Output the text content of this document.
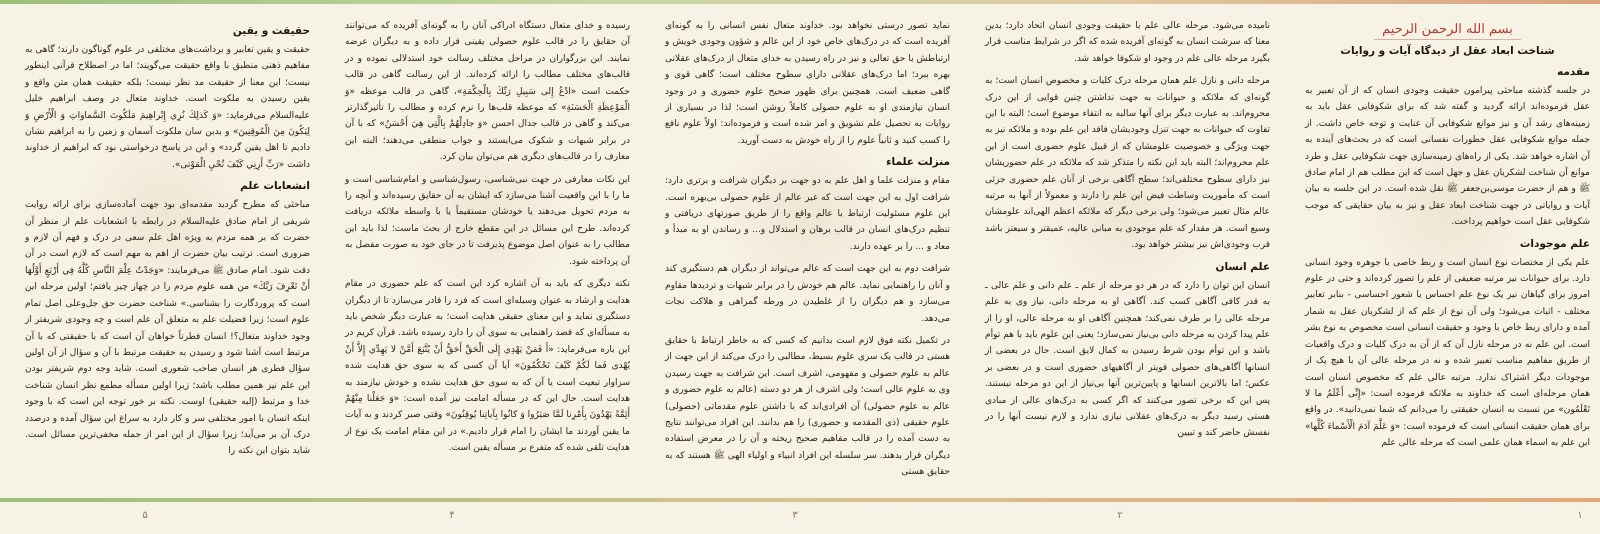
بسم الله الرحمن الرحیم
شناخت ابعاد عقل از دیدگاه آیات و روایات
مقدمه

در جلسه گذشته مباحثی پیرامون حقیقت وجودی انسان که از آن تعبیر به عقل فرموده‌اند ارائه گردید و گفته شد که برای شکوفایی عقل باید به زمینه‌های رشد آن و نیز موانع شکوفایی آن عنایت و توجه خاص داشت. از جمله موانع شکوفایی عقل خطورات نفسانی است که در بحث‌های آینده به آن اشاره خواهد شد. یکی از راه‌های زمینه‌سازی جهت شکوفایی عقل و طرد موانع آن شناخت لشکریان عقل و جهل است که این مطلب هم از امام صادق ﷺ و هم از حضرت موسی‌بن‌جعفر ﷺ نقل شده است. در این جلسه به بیان آیات و روایاتی در جهت شناخت ابعاد عقل و نیز به بیان حقایقی که موجب شکوفایی عقل است خواهیم پرداخت.

علم موجودات

علم یکی از مختصات نوع انسان است و ربط خاصی با جوهره وجود انسانی دارد. برای حیوانات نیز مرتبه ضعیفی از علم را تصور کرده‌اند و حتی در علوم امروز برای گیاهان نیز یک نوع علم احساس یا شعور احساسی - بنابر تعابیر مختلف - اثبات می‌شود؛ ولی آن نوع از علم که از لشکریان عقل به شمار آمده و دارای ربط خاص با وجود و حقیقت انسانی است مخصوص به نوع بشر است. این علم نه در مرحله نازل آن که از آن به درک کلیات و درک واقعیات از طریق مفاهیم مناسب تعبیر شده و نه در مرحله عالی آن با هیچ یک از موجودات دیگر اشتراک ندارد. مرتبه عالی علم که مخصوص انسان است همان مرحله‌ای است که خداوند به ملائکه فرموده است: «إِنِّی أَعْلَمُ ما لا تَعْلَمُون» من نسبت به انسان حقیقتی را می‌دانم که شما نمی‌دانید». در واقع برای همان حقیقت انسانی است که فرموده است: «وَ عَلَّمَ آدَمَ الْأَسْماءَ كُلَّها» این علم به اسماء همان علمی است که مرحله عالی علم

نامیده می‌شود. مرحله عالی علم با حقیقت وجودی انسان اتحاد دارد؛ بدین معنا که سرشت انسان به گونه‌ای آفریده شده که اگر در شرایط مناسب قرار بگیرد مرحله عالی علم در وجود او شکوفا خواهد شد.

مرحله دانی و نازل علم همان مرحله درک کلیات و مخصوص انسان است؛ به گونه‌ای که ملائکه و حیوانات به جهت نداشتن چنین قوایی از این درک محروم‌اند. به عبارت دیگر برای آنها سالبه به انتفاء موضوع است؛ البته با این تفاوت که حیوانات به جهت تنزل وجودیشان فاقد این علم بوده و ملائکه نیز به جهت ویژگی و خصوصیت علومشان که از قبیل علوم حضوری است از این علم محروم‌اند؛ البته باید این نکته را متذکر شد که ملائکه در علم حضوریشان نیز دارای سطوح مختلفی‌اند؛ سطح آگاهی برخی از آنان علم حضوری جزئی است که مأموریت وساطت فیض این علم را دارند و معمولاً از آنها به مرتبه عالم مثال تعبیر می‌شود؛ ولی برخی دیگر که ملائکه اعظم الهی‌اند علومشان وسیع است. هر مقدار که علم موجودی به مبانی عالیه، عمیقتر و سیعتر باشد قرب وجودی‌اش نیز بیشتر خواهد بود.

علم انسان

انسان این توان را دارد که در هر دو مرحله از علم ـ علم دانی و علم عالی ـ به قدر کافی آگاهی کسب کند. آگاهی او به مرحله دانی، نیاز وی به علم مرحله عالی را بر طرف نمی‌کند؛ همچنین آگاهی او به مرحله عالی، او را از علم پیدا کردن به مرحله دانی بی‌نیاز نمی‌سازد؛ یعنی این علوم باید با هم توأم باشد و این توأم بودن شرط رسیدن به کمال لایق است. حال در بعضی از انسانها آگاهی‌های حصولی قویتر از آگاهیهای حضوری است و در بعضی بر عکس؛ اما بالاترین انسانها و پایین‌ترین آنها بی‌نیاز از این دو مرحله نیستند. پس این که برخی تصور می‌کنند که اگر کسی به درک‌های عالی از مبادی هستی رسید دیگر به درک‌های عقلانی نیازی ندارد و لازم نیست آنها را در نفسش حاضر کند و تبیین

نماید تصور درستی نخواهد بود. خداوند متعال نفس انسانی را به گونه‌ای آفریده است که در درک‌های خاص خود از این عالم و شؤون وجودی خویش و ارتباطش با حق تعالی و نیز در راه رسیدن به خدای متعال از درک‌های عقلانی بهره ببرد؛ اما درک‌های عقلانی دارای سطوح مختلف است؛ گاهی قوی و گاهی ضعیف است. همچنین برای ظهور صحیح علوم حضوری و در وجود انسان نیازمندی او به علوم حصولی کاملاً روشن است؛ لذا در بسیاری از روایات به تحصیل علم تشویق و امر شده است و فرموده‌اند: اولاً علوم نافع را کسب کنید و ثانیاً علوم را از راه خودش به دست آورید.

منزلت علماء

مقام و منزلت علما و اهل علم به دو جهت بر دیگران شرافت و برتری دارد: شرافت اول به این جهت است که غیر عالم از علوم حصولی بی‌بهره است. این علوم مسئولیت ارتباط با عالم واقع را از طریق صورتهای دریافتی و تنظیم درک‌های انسان در قالب برهان و استدلال و... و رساندن او به مبدأ و معاد و ... را بر عهده دارند.

شرافت دوم به این جهت است که عالم می‌تواند از دیگران هم دستگیری کند و آنان را راهنمایی نماید. عالم هم خودش را در برابر شبهات و تردیدها مقاوم می‌سازد و هم دیگران را از غلطیدن در ورطه گمراهی و هلاکت نجات می‌دهد.

در تکمیل نکته فوق لازم است بدانیم که کسی که به خاطر ارتباط با حقایق هستی در قالب یک سری علوم بسیط، مطالبی را درک می‌کند از این جهت از عالم به علوم حصولی و مفهومی، اشرف است. این شرافت به جهت رسیدن وی به علوم عالی است؛ ولی اشرف از هر دو دسته (عالم به علوم حضوری و عالم به علوم حصولی) آن افرادی‌اند که با داشتن علوم مقدماتی (حصولی) علوم حقیقی (ذی المقدمه و حضوری) را هم بدانند. این افراد می‌توانند نتایج به دست آمده را در قالب مفاهیم صحیح ریخته و آن را در معرض استفاده دیگران قرار بدهند. سر سلسله این افراد انبیاء و اولیاء الهی ﷺ هستند که به حقایق هستی

رسیده و خدای متعال دستگاه ادراکی آنان را به گونه‌ای آفریده که می‌توانند آن حقایق را در قالب علوم حصولی یقینی قرار داده و به دیگران عرضه نمایند. این بزرگواران در مراحل مختلف رسالت خود استدلالی نموده و در قالب‌های مختلف مطالب را ارائه کرده‌اند. از این رسالت گاهی در قالب حکمت است «ادْعُ إِلى‏ سَبِيلِ رَبِّكَ بِالْحِكْمَةِ»، گاهی در قالب موعظه «وَ الْمَوْعِظَةِ الْحَسَنَةِ» که موعظه قلب‌ها را نرم کرده و مطالب را تأثیرگذارتر می‌کند و گاهی در قالب جدال احسن «وَ جادِلْهُمْ بِالَّتِي هِيَ أَحْسَنُ» که با آن در برابر شبهات و شکوک می‌ایستند و جواب منطقی می‌دهند؛ البته این معارف را در قالب‌های دیگری هم می‌توان بیان کرد.

این نکات معارفی در جهت نبی‌شناسی، رسول‌شناسی و امام‌شناسی است و ما را با این واقعیت آشنا می‌سازد که ایشان به آن حقایق رسیده‌اند و آنچه را به مردم تحویل می‌دهند یا خودشان مستقیماً یا با واسطه ملائکه دریافت کرده‌اند. طرح این مسائل در این مقطع خارج از بحث ماست؛ لذا باید این مطالب را به عنوان اصل موضوع پذیرفت تا در جای خود به صورت مفصل به آن پرداخته شود.

نکته دیگری که باید به آن اشاره کرد این است که علم حضوری در مقام هدایت و ارشاد به عنوان وسیله‌ای است که فرد را قادر می‌سازد تا از دیگران دستگیری نماید و این معنای حقیقی هدایت است؛ به عبارت دیگر شخص باید به مسأله‌ای که قصد راهنمایی به سوی آن را دارد رسیده باشد. قرآن کریم در این باره می‌فرماید: «أَ فَمَنْ يَهْدِي إِلَى الْحَقِّ أَحَقُّ أَنْ يُتَّبَعَ أَمَّنْ لا يَهِدِّي إِلاَّ أَنْ يُهْدى‏ فَما لَكُمْ كَيْفَ تَحْكُمُونَ» آیا آن کسی که به سوی حق هدایت شده سزاوار تبعیت است یا آن که به سوی حق هدایت نشده و خودش نیازمند به هدایت است. حال این که در مسأله امامت نیز آمده است: «وَ جَعَلْنا مِنْهُمْ أَئِمَّةً يَهْدُونَ بِأَمْرِنا لَمَّا صَبَرُوا وَ كانُوا بِآياتِنا يُوقِنُونَ» وقتی صبر کردند و به آیات ما یقین آوردند ما ایشان را امام قرار دادیم.» در این مقام امامت یک نوع از هدایت تلقی شده که متفرع بر مسأله یقین است.

حقیقت و یقین

حقیقت و یقین تعابیر و برداشت‌های مختلفی در علوم گوناگون دارند؛ گاهی به مفاهیم ذهنی منطبق با واقع حقیقت می‌گویند؛ اما در اصطلاح قرآنی اینطور نیست؛ این معنا از حقیقت مد نظر نیست؛ بلکه حقیقت همان متن واقع و یقین رسیدن به ملکوت است. خداوند متعال در وصف ابراهیم خلیل علیه‌السلام می‌فرماید: «وَ كَذلِكَ نُرِي إِبْراهِيمَ مَلَكُوتَ السَّماواتِ وَ الْأَرْضِ وَ لِيَكُونَ مِنَ الْمُوقِنِينَ» و بدین سان ملکوت آسمان و زمین را به ابراهیم نشان دادیم تا اهل یقین گردد» و این در پاسخ درخواستی بود که ابراهیم از خداوند داشت «رَبِّ أَرِنِي كَيْفَ تُحْيِ الْمَوْتى».

انشعابات علم

مباحثی که مطرح گردید مقدمه‌ای بود جهت آماده‌سازی برای ارائه روایت شریفی از امام صادق علیه‌السلام در رابطه با انشعابات علم از منظر آن حضرت که بر همه مردم به ویژه اهل علم سعی در درک و فهم آن لازم و ضروری است. ترتیب بیان حضرت از اهم به مهم است که لازم است در آن دقت شود. امام صادق ﷺ می‌فرمایند: «وَجَدْتُ عِلْمَ النَّاسِ كُلَّهُ فِي أَرْبَعٍ أَوَّلُهَا أَنْ تَعْرِفَ رَبَّكَ» من همه علوم مردم را در چهار چیز یافتم؛ اولین مرحله این است که پروردگارت را بشناسی.» شناخت حضرت حق جل‌وعلی اصل تمام علوم است؛ زیرا فضیلت علم به متعلق آن علم است و چه وجودی شریفتر از وجود خداوند متعال؟! انسان فطرتاً خواهان آن است که با حقیقتی که با آن مرتبط است آشنا شود و رسیدن به حقیقت مرتبط با آن و سؤال از آن اولین سؤال فطری هر انسان صاحب شعوری است. شاید وجه دوم شریفتر بودن این علم نیز همین مطلب باشد؛ زیرا اولین مسأله مطمع نظر انسان شناخت خدا و مرتبط (إلیه حقیقی) اوست. نکته بر خور توجه این است که با وجود اینکه انسان با امور مختلفی سر و کار دارد به سراغ این سؤال آمده و درصدد درک آن بر می‌آید؛ زیرا سؤال از این امر از جمله مخفی‌ترین مسائل است. شاید بتوان این نکته را

۱
۲
۳
۴
۵
